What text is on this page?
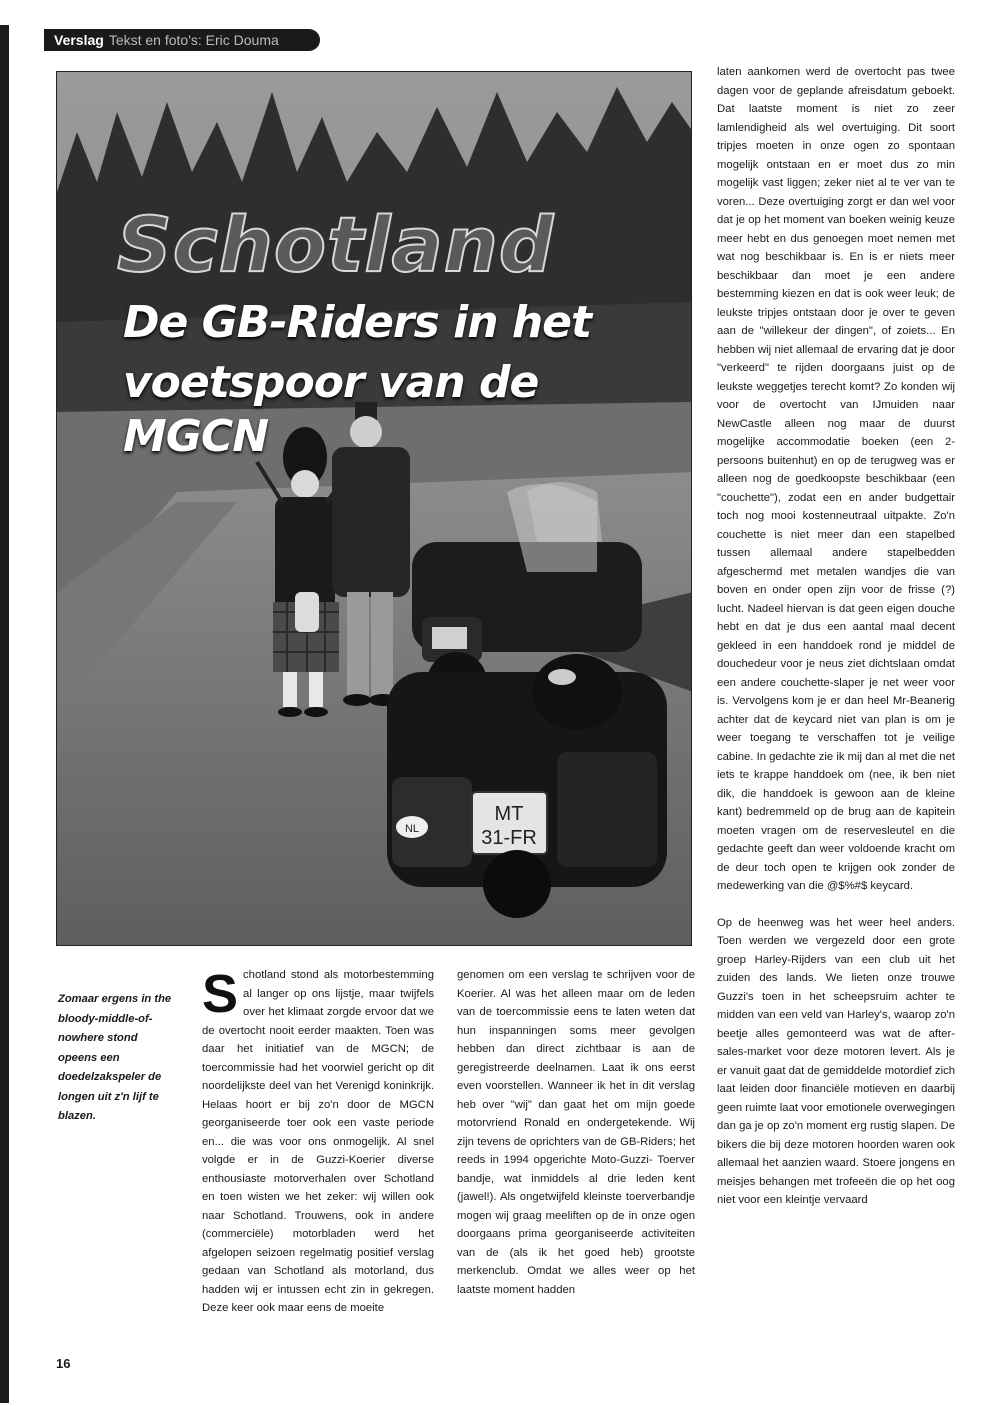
Verslag Tekst en foto's: Eric Douma
MT
31-FR
NL
Schotland
De GB-Riders in het
voetspoor van de MGCN

Zomaar ergens in the bloody-middle-of-nowhere stond opeens een doedelzakspeler de longen uit z'n lijf te blazen.

S chotland stond als motorbestemming al langer op ons lijstje, maar twijfels over het klimaat zorgde ervoor dat we de overtocht nooit eerder maakten. Toen was daar het initiatief van de MGCN; de toercommissie had het voorwiel gericht op dit noordelijkste deel van het Verenigd koninkrijk. Helaas hoort er bij zo'n door de MGCN georganiseerde toer ook een vaste periode en... die was voor ons onmogelijk. Al snel volgde er in de Guzzi-Koerier diverse enthousiaste motorverhalen over Schotland en toen wisten we het zeker: wij willen ook naar Schotland. Trouwens, ook in andere (commerciële) motorbladen werd het afgelopen seizoen regelmatig positief verslag gedaan van Schotland als motorland, dus hadden wij er intussen echt zin in gekregen. Deze keer ook maar eens de moeite

genomen om een verslag te schrijven voor de Koerier. Al was het alleen maar om de leden van de toercommissie eens te laten weten dat hun inspanningen soms meer gevolgen hebben dan direct zichtbaar is aan de geregistreerde deelnamen. Laat ik ons eerst even voorstellen. Wanneer ik het in dit verslag heb over "wij" dan gaat het om mijn goede motorvriend Ronald en ondergetekende. Wij zijn tevens de oprichters van de GB-Riders; het reeds in 1994 opgerichte Moto-Guzzi- Toerver bandje, wat inmiddels al drie leden kent (jawel!). Als ongetwijfeld kleinste toerverbandje mogen wij graag meeliften op de in onze ogen doorgaans prima georganiseerde activiteiten van de (als ik het goed heb) grootste merkenclub. Omdat we alles weer op het laatste moment hadden

laten aankomen werd de overtocht pas twee dagen voor de geplande afreisdatum geboekt. Dat laatste moment is niet zo zeer lamlendigheid als wel overtuiging. Dit soort tripjes moeten in onze ogen zo spontaan mogelijk ontstaan en er moet dus zo min mogelijk vast liggen; zeker niet al te ver van te voren... Deze overtuiging zorgt er dan wel voor dat je op het moment van boeken weinig keuze meer hebt en dus genoegen moet nemen met wat nog beschikbaar is. En is er niets meer beschikbaar dan moet je een andere bestemming kiezen en dat is ook weer leuk; de leukste tripjes ontstaan door je over te geven aan de "willekeur der dingen", of zoiets... En hebben wij niet allemaal de ervaring dat je door "verkeerd" te rijden doorgaans juist op de leukste weggetjes terecht komt? Zo konden wij voor de overtocht van IJmuiden naar NewCastle alleen nog maar de duurst mogelijke accommodatie boeken (een 2-persoons buitenhut) en op de terugweg was er alleen nog de goedkoopste beschikbaar (een "couchette"), zodat een en ander budgettair toch nog mooi kostenneutraal uitpakte. Zo'n couchette is niet meer dan een stapelbed tussen allemaal andere stapelbedden afgeschermd met metalen wandjes die van boven en onder open zijn voor de frisse (?) lucht. Nadeel hiervan is dat geen eigen douche hebt en dat je dus een aantal maal decent gekleed in een handdoek rond je middel de douchedeur voor je neus ziet dichtslaan omdat een andere couchette-slaper je net weer voor is. Vervolgens kom je er dan heel Mr-Beanerig achter dat de keycard niet van plan is om je weer toegang te verschaffen tot je veilige cabine. In gedachte zie ik mij dan al met die net iets te krappe handdoek om (nee, ik ben niet dik, die handdoek is gewoon aan de kleine kant) bedremmeld op de brug aan de kapitein moeten vragen om de reservesleutel en die gedachte geeft dan weer voldoende kracht om de deur toch open te krijgen ook zonder de medewerking van die @$%#$ keycard.

Op de heenweg was het weer heel anders. Toen werden we vergezeld door een grote groep Harley-Rijders van een club uit het zuiden des lands. We lieten onze trouwe Guzzi's toen in het scheepsruim achter te midden van een veld van Harley's, waarop zo'n beetje alles gemonteerd was wat de after-sales-market voor deze motoren levert. Als je er vanuit gaat dat de gemiddelde motordief zich laat leiden door financiële motieven en daarbij geen ruimte laat voor emotionele overwegingen dan ga je op zo'n moment erg rustig slapen. De bikers die bij deze motoren hoorden waren ook allemaal het aanzien waard. Stoere jongens en meisjes behangen met trofeeën die op het oog niet voor een kleintje vervaard

16
